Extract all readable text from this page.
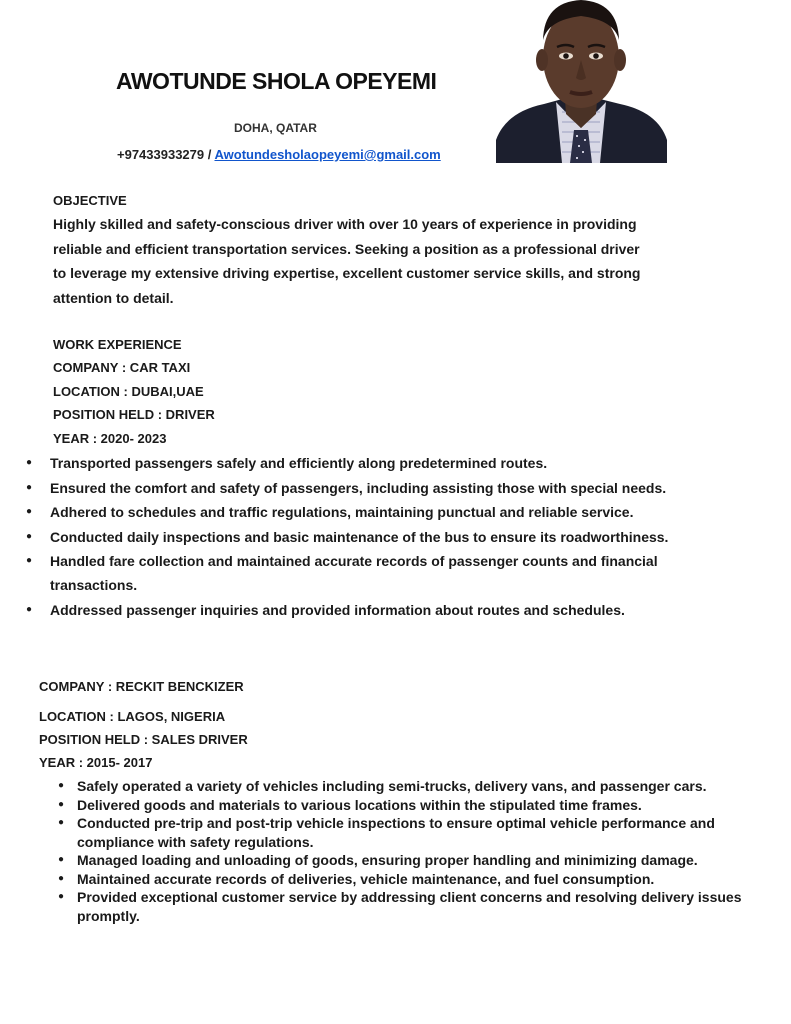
AWOTUNDE SHOLA OPEYEMI
DOHA, QATAR
+97433933279 / Awotundesholaopeyemi@gmail.com
OBJECTIVE
Highly skilled and safety-conscious driver with over 10 years of experience in providing reliable and efficient transportation services. Seeking a position as a professional driver to leverage my extensive driving expertise, excellent customer service skills, and strong attention to detail.
WORK EXPERIENCE
COMPANY : CAR TAXI
LOCATION : DUBAI,UAE
POSITION HELD : DRIVER
YEAR : 2020- 2023
● Transported passengers safely and efficiently along predetermined routes.
● Ensured the comfort and safety of passengers, including assisting those with special needs.
● Adhered to schedules and traffic regulations, maintaining punctual and reliable service.
● Conducted daily inspections and basic maintenance of the bus to ensure its roadworthiness.
● Handled fare collection and maintained accurate records of passenger counts and financial transactions.
● Addressed passenger inquiries and provided information about routes and schedules.
COMPANY : RECKIT BENCKIZER
LOCATION : LAGOS, NIGERIA
POSITION HELD : SALES DRIVER
YEAR : 2015- 2017
● Safely operated a variety of vehicles including semi-trucks, delivery vans, and passenger cars.
● Delivered goods and materials to various locations within the stipulated time frames.
● Conducted pre-trip and post-trip vehicle inspections to ensure optimal vehicle performance and compliance with safety regulations.
● Managed loading and unloading of goods, ensuring proper handling and minimizing damage.
● Maintained accurate records of deliveries, vehicle maintenance, and fuel consumption.
● Provided exceptional customer service by addressing client concerns and resolving delivery issues promptly.
